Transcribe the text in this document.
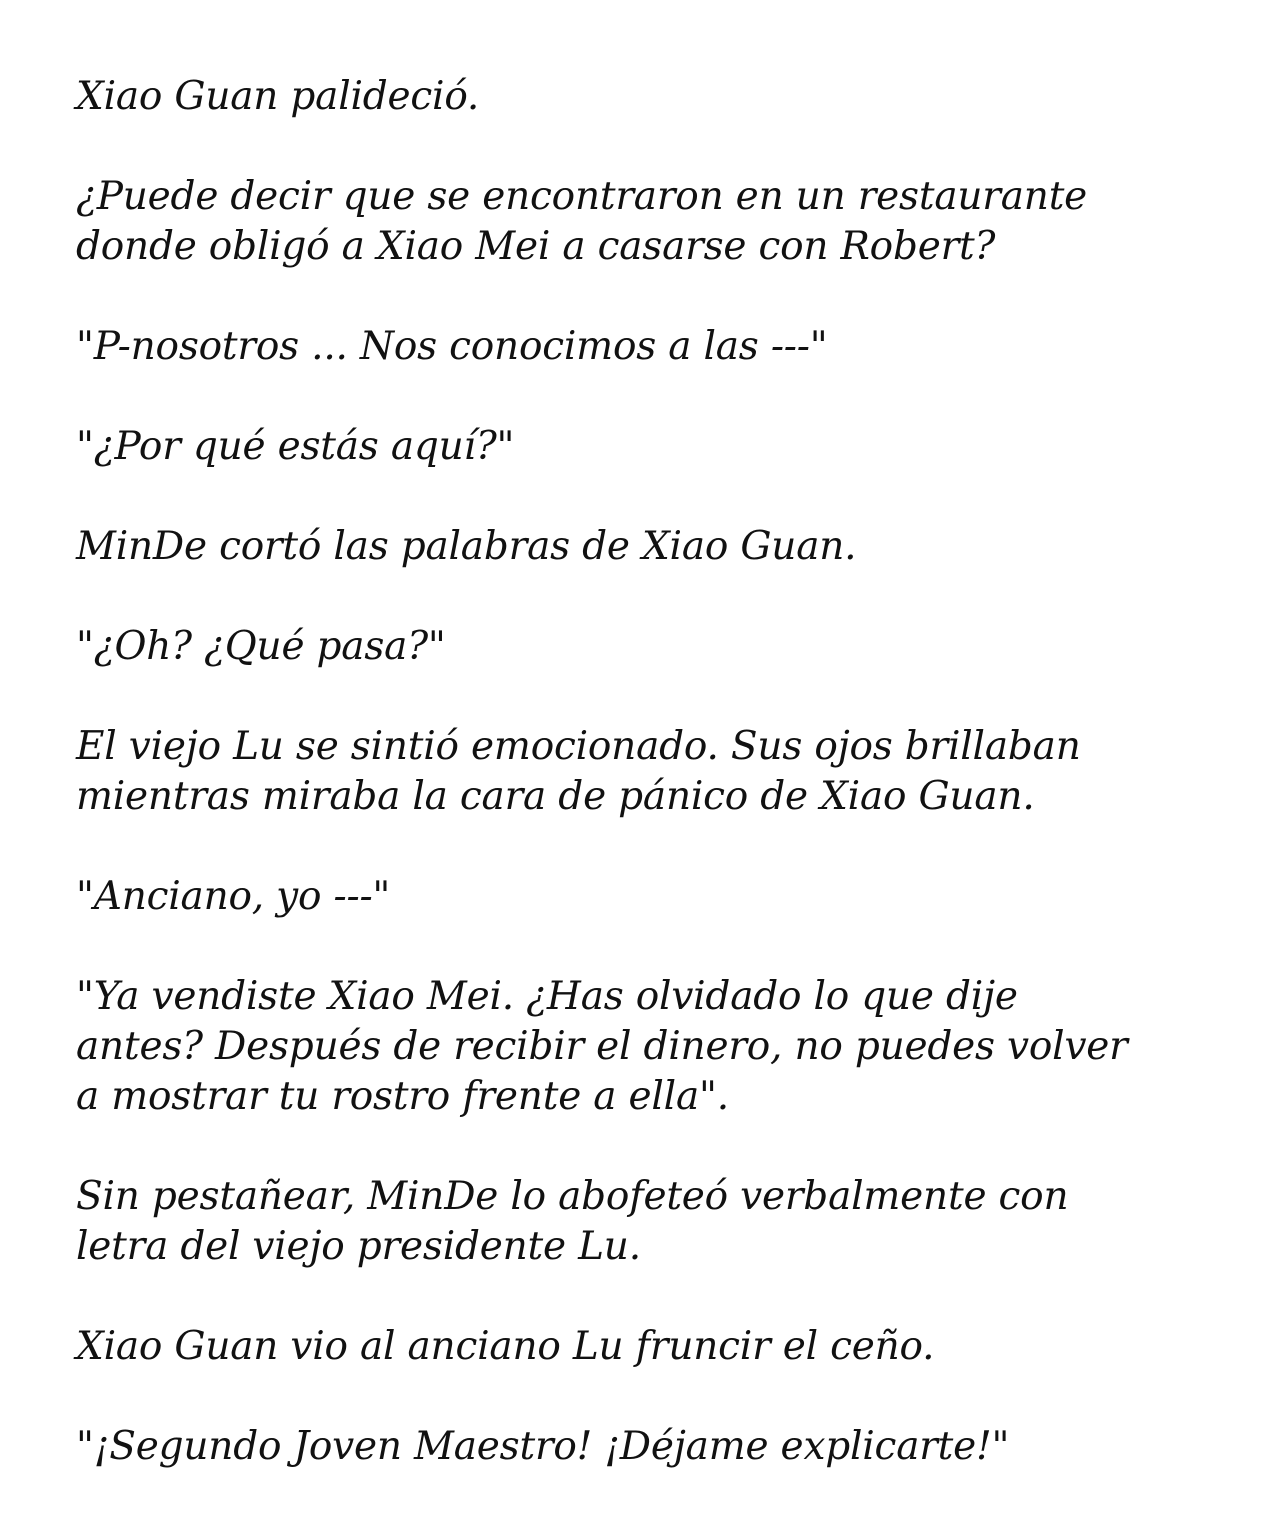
Xiao Guan palideció.

¿Puede decir que se encontraron en un restaurante
donde obligó a Xiao Mei a casarse con Robert?

"P-nosotros ... Nos conocimos a las ---"

"¿Por qué estás aquí?"

MinDe cortó las palabras de Xiao Guan.

"¿Oh? ¿Qué pasa?"

El viejo Lu se sintió emocionado. Sus ojos brillaban
mientras miraba la cara de pánico de Xiao Guan.

"Anciano, yo ---"

"Ya vendiste Xiao Mei. ¿Has olvidado lo que dije
antes? Después de recibir el dinero, no puedes volver
a mostrar tu rostro frente a ella".

Sin pestañear, MinDe lo abofeteó verbalmente con
letra del viejo presidente Lu.

Xiao Guan vio al anciano Lu fruncir el ceño.

"¡Segundo Joven Maestro! ¡Déjame explicarte!"
